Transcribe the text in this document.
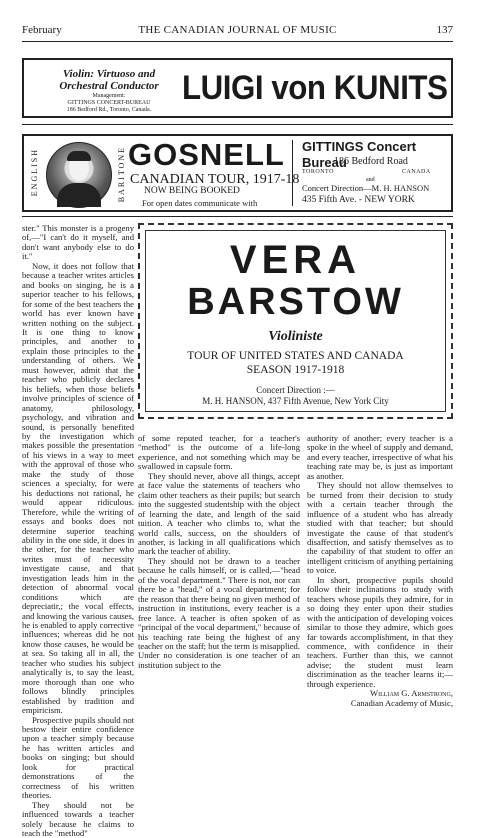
February	THE CANADIAN JOURNAL OF MUSIC	137
Violin: Virtuoso and
Orchestral Conductor
Management:
GITTINGS CONCERT-BUREAU
186 Bedford Rd., Toronto, Canada.
LUIGI von KUNITS
ENGLISH	BARITONE GOSNELL
CANADIAN TOUR, 1917-18
NOW BEING BOOKED
For open dates communicate with
GITTINGS Concert Bureau
186 Bedford Road
TORONTO	CANADA
and
Concert Direction—M. H. HANSON
435 Fifth Ave. - NEW YORK
VERA
BARSTOW
Violiniste
TOUR OF UNITED STATES AND CANADA
SEASON 1917-1918
Concert Direction :—
M. H. HANSON, 437 Fifth Avenue, New York City

ster." This monster is a progeny of,—"I can't do it myself, and don't want anybody else to do it."

Now, it does not follow that because a teacher writes articles and books on singing, he is a superior teacher to his fellows, for some of the best teachers the world has ever known have written nothing on the subject. It is one thing to know principles, and another to explain those principles to the understanding of others. We must however, admit that the teacher who publicly declares his beliefs, when those beliefs involve principles of science of anatomy, philosology, psychology, and vibration and sound, is personally benefited by the investigation which makes possible the presentation of his views in a way to meet with the approval of those who make the study of those sciences a specialty, for were his deductions not rational, he would appear ridiculous. Therefore, while the writing of essays and books does not determine superior teaching ability in the one side, it does in the other, for the teacher who writes must of necessity investigate cause, and that investigation leads him in the detection of abnormal vocal conditions which are depreciatir,; the vocal effects, and knowing the various causes, he is enabled to apply corrective influences; whereas did he not know those causes, he would be at sea. So taking all in all, the teacher who studies his subject analytically is, to say the least, more thorough than one who follows blindly principles established by tradition and empiricism.

Prospective pupils should not bestow their entire confidence upon a teacher simply because he has written articles and books on singing; but should look for practical demonstrations of the correctness of his written theories.

They should not be influenced towards a teacher solely because he claims to teach the "method"

of some reputed teacher, for a teacher's "method" is the outcome of a life-long experience, and not something which may be swallowed in capsule form.

They should never, above all things, accept at face value the statements of teachers who claim other teachers as their pupils; but search into the suggested studentship with the object of learning the date, and length of the said tuition. A teacher who climbs to, what the world calls, success, on the shoulders of another, is lacking in all qualifications which mark the teacher of ability.

They should not be drawn to a teacher because he calls himself, or is called,—"head of the vocal department." There is not, nor can there be a "head," of a vocal department; for the reason that there being no given method of instruction in institutions, every teacher is a free lance. A teacher is often spoken of as "principal of the vocal department," because of his teaching rate being the highest of any teacher on the staff; but the term is misapplied. Under no consideration is one teacher of an institution subject to the

authority of another; every teacher is a spoke in the wheel of supply and demand, and every teacher, irrespective of what his teaching rate may be, is just as important as another.

They should not allow themselves to be turned from their decision to study with a certain teacher through the influence of a student who has already studied with that teacher; but should investigate the cause of that student's disaffection, and satisfy themselves as to the capability of that student to offer an intelligent criticism of anything pertaining to voice.

In short, prospective pupils should follow their inclinations to study with teachers whose pupils they admire, for in so doing they enter upon their studies with the anticipation of developing voices similar to those they admire, which goes far towards accomplishment, in that they commence, with confidence in their teachers. Further than this, we cannot advise; the student must learn discrimination as the teacher learns it;—through experience.

William G. Armstrong,
Canadian Academy of Music,
